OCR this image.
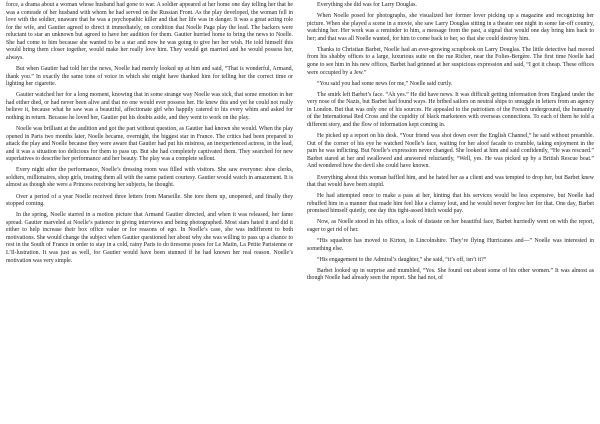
force, a drama about a woman whose husband had gone to war. A soldier appeared at her home one day telling her that he was a comrade of her husband with whom he had served on the Russian Front. As the play developed, the woman fell in love with the soldier, unaware that he was a psychopathic killer and that her life was in danger. It was a great acting role for the wife, and Gautier agreed to direct it immediately, on condition that Noelle Page play the lead. The backers were reluctant to star an unknown but agreed to have her audition for them. Gautier hurried home to bring the news to Noelle. She had come to him because she wanted to be a star and now he was going to give her her wish. He told himself this would bring them closer together, would make her really love him. They would get married and he would possess her, always.

But when Gautier had told her the news, Noelle had merely looked up at him and said, “That is wonderful, Armand, thank you.” In exactly the same tone of voice in which she might have thanked him for telling her the correct time or lighting her cigarette.

Gautier watched her for a long moment, knowing that in some strange way Noelle was sick, that some emotion in her had either died, or had never been alive and that no one would ever possess her. He knew this and yet he could not really believe it, because what he saw was a beautiful, affectionate girl who happily catered to his every whim and asked for nothing in return. Because he loved her, Gautier put his doubts aside, and they went to work on the play.

Noelle was brilliant at the audition and got the part without question, as Gautier had known she would. When the play opened in Paris two months later, Noelle became, overnight, the biggest star in France. The critics had been prepared to attack the play and Noelle because they were aware that Gautier had put his mistress, an inexperienced actress, in the lead, and it was a situation too delicious for them to pass up. But she had completely captivated them. They searched for new superlatives to describe her performance and her beauty. The play was a complete sellout.

Every night after the performance, Noelle’s dressing room was filled with visitors. She saw everyone: shoe clerks, soldiers, millionaires, shop girls, treating them all with the same patient courtesy. Gautier would watch in amazement. It is almost as though she were a Princess receiving her subjects, he thought.

Over a period of a year Noelle received three letters from Marseille. She tore them up, unopened, and finally they stopped coming.

In the spring, Noelle starred in a motion picture that Armand Gautier directed, and when it was released, her fame spread. Gautier marveled at Noelle’s patience in giving interviews and being photographed. Most stars hated it and did it either to help increase their box office value or for reasons of ego. In Noelle’s case, she was indifferent to both motivations. She would change the subject when Gautier questioned her about why she was willing to pass up a chance to rest in the South of France in order to stay in a cold, rainy Paris to do tiresome poses for Le Matin, La Petite Parisienne or L’Il-lustration. It was just as well, for Gautier would have been stunned if he had known her real reason. Noelle’s motivation was very simple.

Everything she did was for Larry Douglas.

When Noelle posed for photographs, she visualized her former lover picking up a magazine and recognizing her picture. When she played a scene in a movie, she saw Larry Douglas sitting in a theater one night in some far-off country, watching her. Her work was a reminder to him, a message from the past, a signal that would one day bring him back to her; and that was all Noelle wanted, for him to come back to her, so that she could destroy him.

Thanks to Christian Barbet, Noelle had an ever-growing scrapbook on Larry Douglas. The little detective had moved from his shabby offices to a large, luxurious suite on the rue Richer, near the Folies-Bergère. The first time Noelle had gone to see him in his new offices, Barbet had grinned at her suspicious expression and said, “I got it cheap. These offices were occupied by a Jew.”

“You said you had some news for me,” Noelle said curtly.

The smirk left Barbet’s face. “Ah yes.” He did have news. It was difficult getting information from England under the very nose of the Nazis, but Barbet had found ways. He bribed sailors on neutral ships to smuggle in letters from an agency in London. But that was only one of his sources. He appealed to the patriotism of the French underground, the humanity of the International Red Cross and the cupidity of black marketeers with overseas connections. To each of them he told a different story, and the flow of information kept coming in.

He picked up a report on his desk. “Your friend was shot down over the English Channel,” he said without preamble. Out of the corner of his eye he watched Noelle’s face, waiting for her aloof facade to crumble, taking enjoyment in the pain he was inflicting. But Noelle’s expression never changed. She looked at him and said confidently, “He was rescued.” Barbet stared at her and swallowed and answered reluctantly, “Well, yes. He was picked up by a British Rescue boat.” And wondered how the devil she could have known.

Everything about this woman baffled him, and he hated her as a client and was tempted to drop her, but Barbet knew that that would have been stupid.

He had attempted once to make a pass at her, hinting that his services would be less expensive, but Noelle had rebuffed him in a manner that made him feel like a clumsy lout, and he would never forgive her for that. One day, Barbet promised himself quietly, one day this tight-assed bitch would pay.

Now, as Noelle stood in his office, a look of distaste on her beautiful face, Barbet hurriedly went on with the report, eager to get rid of her.

“His squadron has moved to Kirton, in Lincolnshire. They’re flying Hurricanes and—” Noelle was interested in something else.

“His engagement to the Admiral’s daughter,” she said, “it’s off, isn’t it?”

Barbet looked up in surprise and mumbled, “Yes. She found out about some of his other women.” It was almost as though Noelle had already seen the report. She had not, of
